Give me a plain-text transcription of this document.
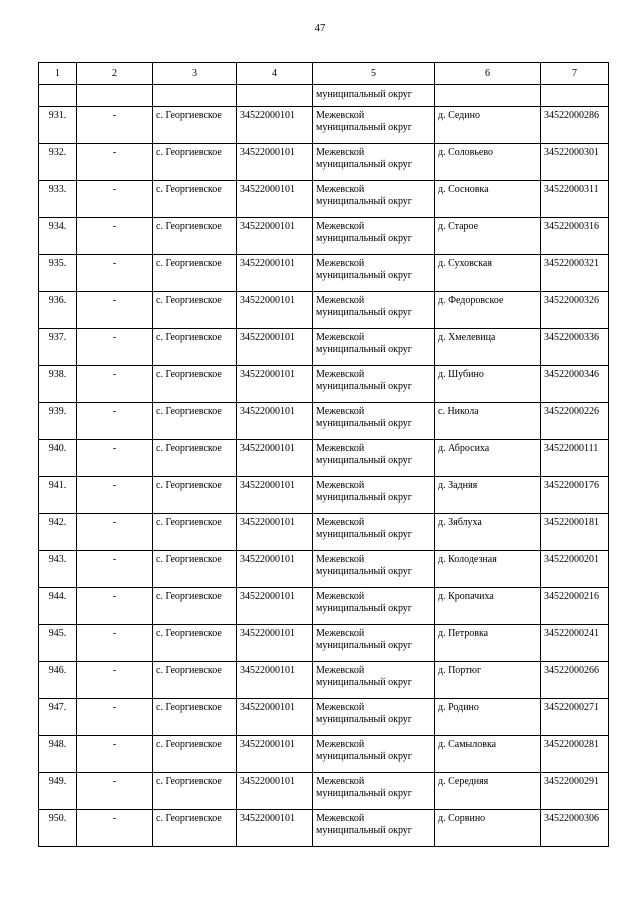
47
1	2	3	4	5	6	7
				муниципальный округ		

931.	-	с. Георгиевское	34522000101	Межевской
муниципальный округ	д. Седино	34522000286

932.	-	с. Георгиевское	34522000101	Межевской
муниципальный округ	д. Соловьево	34522000301

933.	-	с. Георгиевское	34522000101	Межевской
муниципальный округ	д. Сосновка	34522000311

934.	-	с. Георгиевское	34522000101	Межевской
муниципальный округ	д. Старое	34522000316

935.	-	с. Георгиевское	34522000101	Межевской
муниципальный округ	д. Суховская	34522000321

936.	-	с. Георгиевское	34522000101	Межевской
муниципальный округ	д. Федоровское	34522000326

937.	-	с. Георгиевское	34522000101	Межевской
муниципальный округ	д. Хмелевица	34522000336

938.	-	с. Георгиевское	34522000101	Межевской
муниципальный округ	д. Шубино	34522000346

939.	-	с. Георгиевское	34522000101	Межевской
муниципальный округ	с. Никола	34522000226

940.	-	с. Георгиевское	34522000101	Межевской
муниципальный округ	д. Абросиха	34522000111

941.	-	с. Георгиевское	34522000101	Межевской
муниципальный округ	д. Задняя	34522000176

942.	-	с. Георгиевское	34522000101	Межевской
муниципальный округ	д. Зяблуха	34522000181

943.	-	с. Георгиевское	34522000101	Межевской
муниципальный округ	д. Колодезная	34522000201

944.	-	с. Георгиевское	34522000101	Межевской
муниципальный округ	д. Кропачиха	34522000216

945.	-	с. Георгиевское	34522000101	Межевской
муниципальный округ	д. Петровка	34522000241

946.	-	с. Георгиевское	34522000101	Межевской
муниципальный округ	д. Портюг	34522000266

947.	-	с. Георгиевское	34522000101	Межевской
муниципальный округ	д. Родино	34522000271

948.	-	с. Георгиевское	34522000101	Межевской
муниципальный округ	д. Самыловка	34522000281

949.	-	с. Георгиевское	34522000101	Межевской
муниципальный округ	д. Середняя	34522000291

950.	-	с. Георгиевское	34522000101	Межевской
муниципальный округ	д. Сорвино	34522000306
